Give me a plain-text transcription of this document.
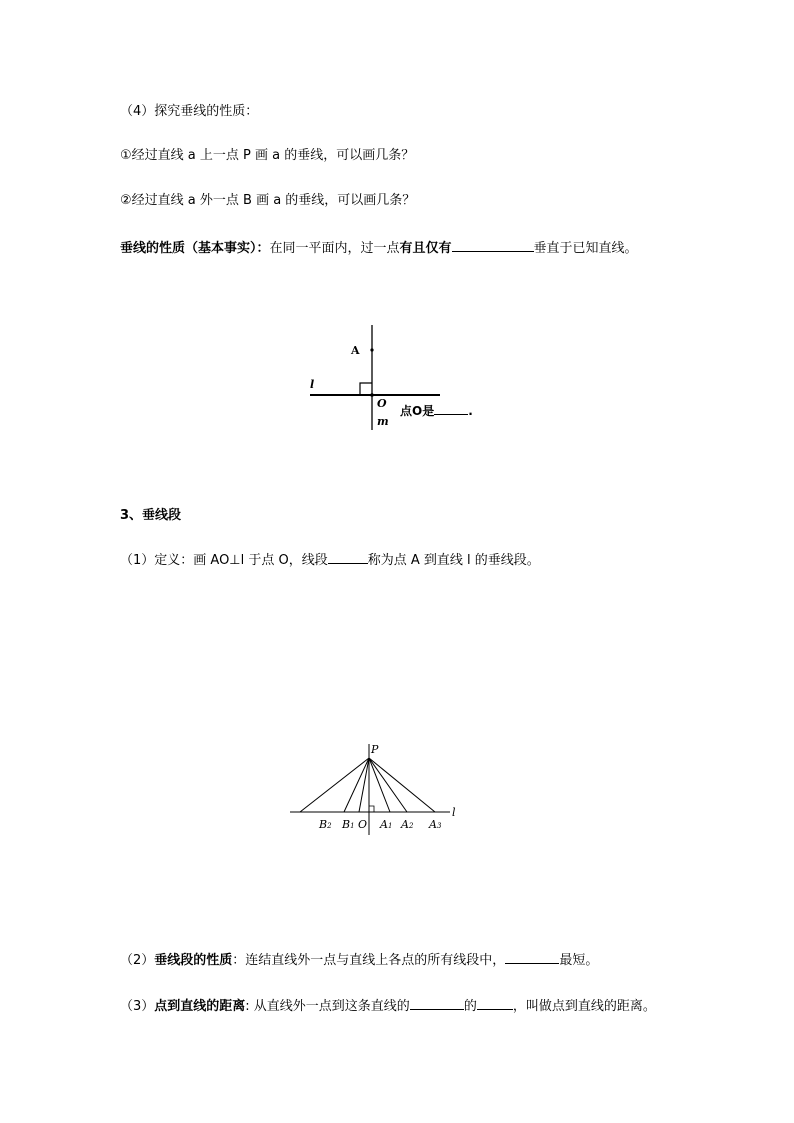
（4）探究垂线的性质：
①经过直线 a 上一点 P 画 a 的垂线，可以画几条？
②经过直线 a 外一点 B 画 a 的垂线，可以画几条？
垂线的性质（基本事实）：在同一平面内，过一点有且仅有	垂直于已知直线。
A
l
O
m
点O是	.
3、垂线段
（1）定义：画 AO⊥l 于点 O，线段	称为点 A 到直线 l 的垂线段。
P
l
B2 B1 O A1 A2 A3
（2）垂线段的性质：连结直线外一点与直线上各点的所有线段中，	最短。
（3）点到直线的距离: 从直线外一点到这条直线的	的	，叫做点到直线的距离。
